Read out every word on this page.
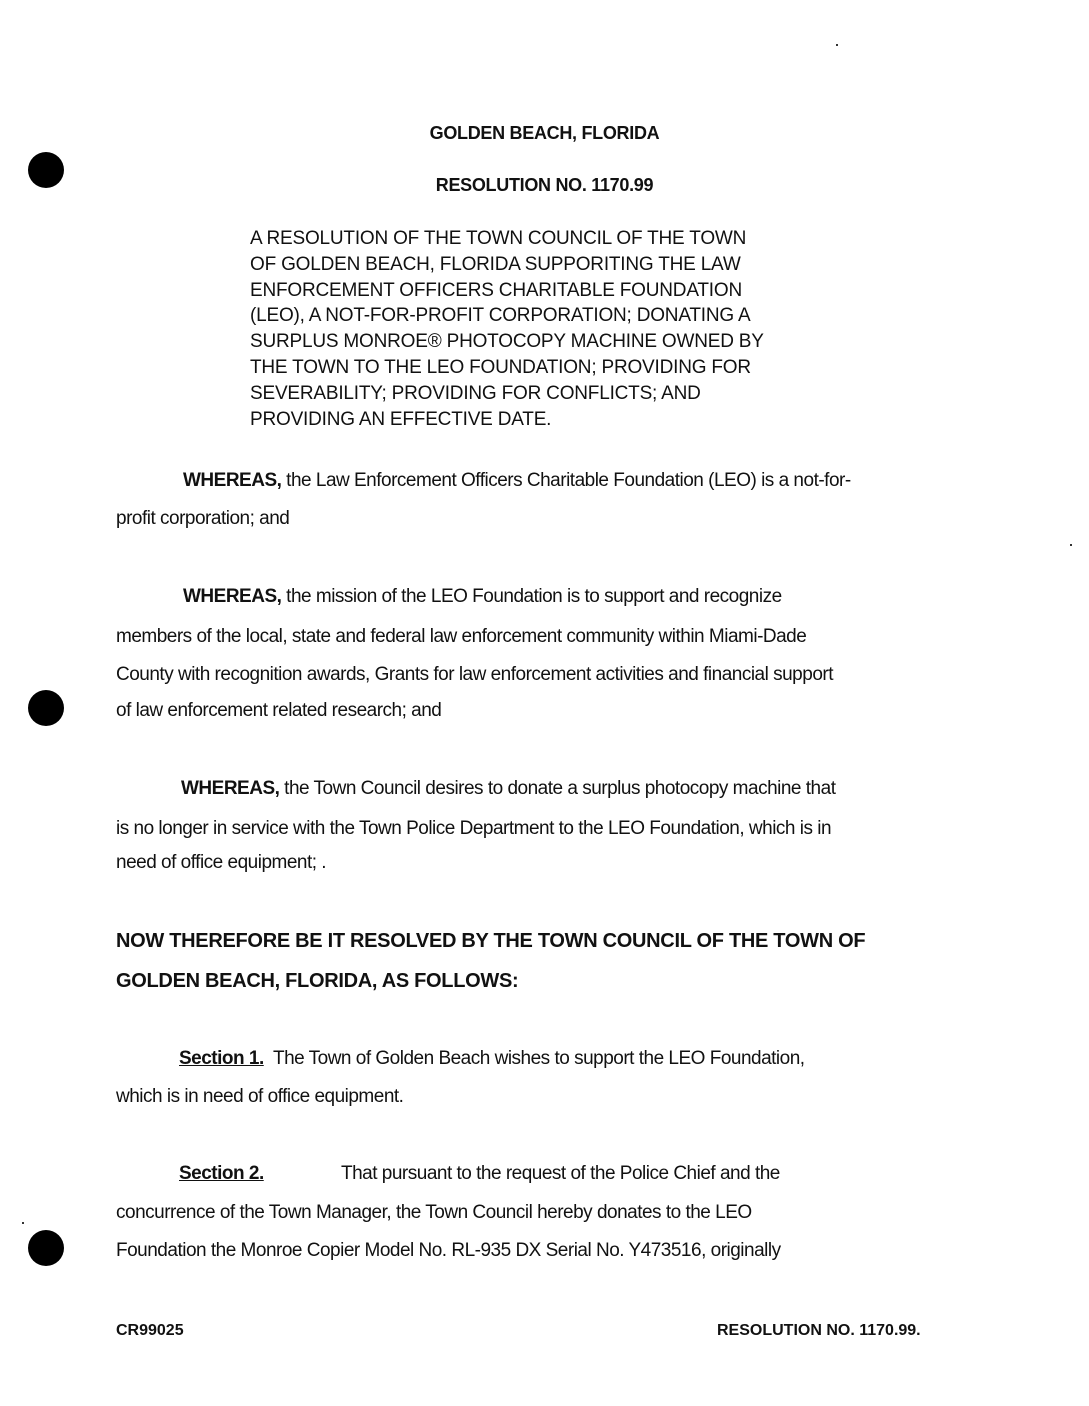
GOLDEN BEACH, FLORIDA
RESOLUTION NO. 1170.99
A RESOLUTION OF THE TOWN COUNCIL OF THE TOWN
OF GOLDEN BEACH, FLORIDA SUPPORITING THE LAW
ENFORCEMENT OFFICERS CHARITABLE FOUNDATION
(LEO), A NOT-FOR-PROFIT CORPORATION; DONATING A
SURPLUS MONROE® PHOTOCOPY MACHINE OWNED BY
THE TOWN TO THE LEO FOUNDATION; PROVIDING FOR
SEVERABILITY; PROVIDING FOR CONFLICTS; AND
PROVIDING AN EFFECTIVE DATE.
WHEREAS, the Law Enforcement Officers Charitable Foundation (LEO) is a not-for-
profit corporation; and
WHEREAS, the mission of the LEO Foundation is to support and recognize
members of the local, state and federal law enforcement community within Miami-Dade
County with recognition awards, Grants for law enforcement activities and financial support
of law enforcement related research; and
WHEREAS, the Town Council desires to donate a surplus photocopy machine that
is no longer in service with the Town Police Department to the LEO Foundation, which is in
need of office equipment; .
NOW THEREFORE BE IT RESOLVED BY THE TOWN COUNCIL OF THE TOWN OF
GOLDEN BEACH, FLORIDA, AS FOLLOWS:
Section 1.  The Town of Golden Beach wishes to support the LEO Foundation,
which is in need of office equipment.
Section 2.	That pursuant to the request of the Police Chief and the
concurrence of the Town Manager, the Town Council hereby donates to the LEO
Foundation the Monroe Copier Model No. RL-935 DX Serial No. Y473516, originally
CR99025	RESOLUTION NO. 1170.99.
